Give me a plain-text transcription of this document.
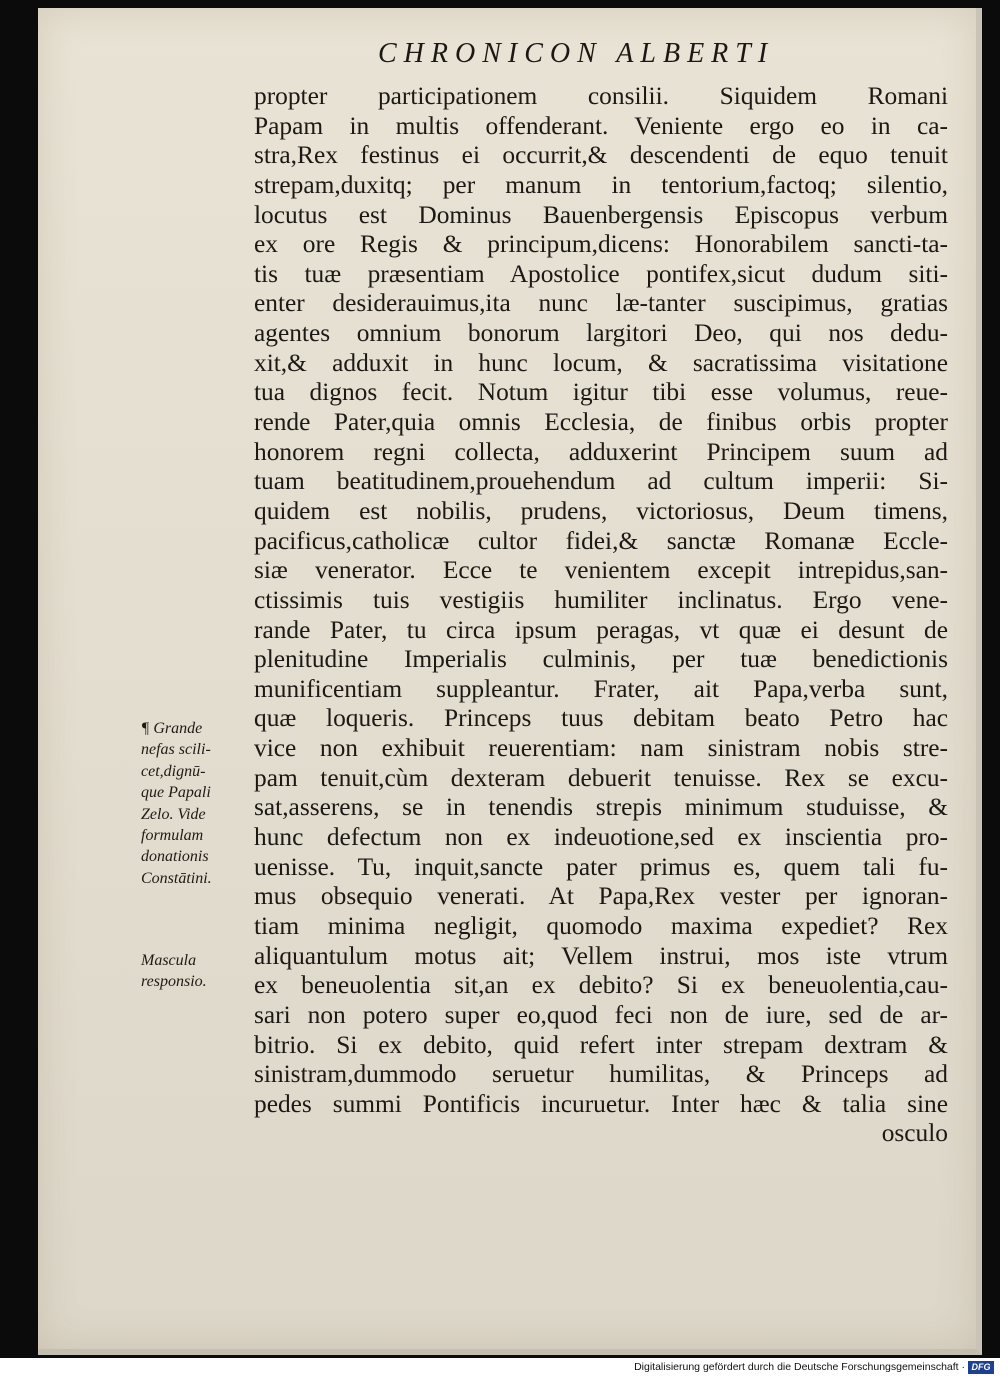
CHRONICON ALBERTI
propter participationem consilii. Siquidem Romani
Papam in multis offenderant. Veniente ergo eo in ca-
stra,Rex festinus ei occurrit,& descendenti de equo tenuit
strepam,duxitq; per manum in tentorium,factoq; silentio,
locutus est Dominus Bauenbergensis Episcopus verbum
ex ore Regis & principum,dicens: Honorabilem sancti-ta-
tis tuæ præsentiam Apostolice pontifex,sicut dudum siti-
enter desiderauimus,ita nunc læ-tanter suscipimus, gratias
agentes omnium bonorum largitori Deo, qui nos dedu-
xit,& adduxit in hunc locum, & sacratissima visitatione
tua dignos fecit. Notum igitur tibi esse volumus, reue-
rende Pater,quia omnis Ecclesia, de finibus orbis propter
honorem regni collecta, adduxerint Principem suum ad
tuam beatitudinem,prouehendum ad cultum imperii: Si-
quidem est nobilis, prudens, victoriosus, Deum timens,
pacificus,catholicæ cultor fidei,& sanctæ Romanæ Eccle-
siæ venerator. Ecce te venientem excepit intrepidus,san-
ctissimis tuis vestigiis humiliter inclinatus. Ergo vene-
rande Pater, tu circa ipsum peragas, vt quæ ei desunt de
plenitudine Imperialis culminis, per tuæ benedictionis
munificentiam suppleantur. Frater, ait Papa,verba sunt,
quæ loqueris. Princeps tuus debitam beato Petro hac
vice non exhibuit reuerentiam: nam sinistram nobis stre-
pam tenuit,cùm dexteram debuerit tenuisse. Rex se excu-
sat,asserens, se in tenendis strepis minimum studuisse, &
hunc defectum non ex indeuotione,sed ex inscientia pro-
uenisse. Tu, inquit,sancte pater primus es, quem tali fu-
mus obsequio venerati. At Papa,Rex vester per ignoran-
tiam minima negligit, quomodo maxima expediet? Rex
aliquantulum motus ait; Vellem instrui, mos iste vtrum
ex beneuolentia sit,an ex debito? Si ex beneuolentia,cau-
sari non potero super eo,quod feci non de iure, sed de ar-
bitrio. Si ex debito, quid refert inter strepam dextram &
sinistram,dummodo seruetur humilitas, & Princeps ad
pedes summi Pontificis incuruetur. Inter hæc & talia sine
osculo
¶ Grande
nefas scili-
cet,dignū-
que Papali
Zelo. Vide
formulam
donationis
Constātini.
Mascula
responsio.
Digitalisierung gefördert durch die Deutsche Forschungsgemeinschaft · DFG
